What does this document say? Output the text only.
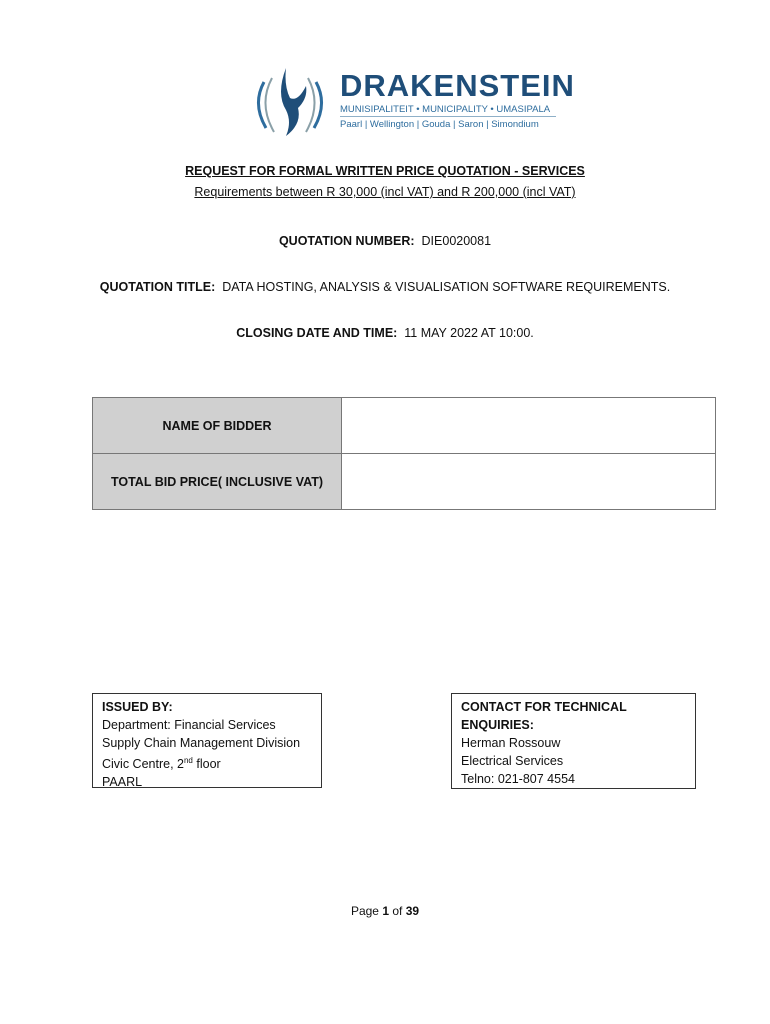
DRAKENSTEIN
MUNISIPALITEIT • MUNICIPALITY • UMASIPALA
Paarl | Wellington | Gouda | Saron | Simondium
REQUEST FOR FORMAL WRITTEN PRICE QUOTATION - SERVICES
Requirements between R 30,000 (incl VAT) and R 200,000 (incl VAT)
QUOTATION NUMBER: DIE0020081
QUOTATION TITLE: DATA HOSTING, ANALYSIS & VISUALISATION SOFTWARE REQUIREMENTS.
CLOSING DATE AND TIME: 11 MAY 2022 AT 10:00.
NAME OF BIDDER	
TOTAL BID PRICE( INCLUSIVE VAT)	
ISSUED BY:
Department: Financial Services
Supply Chain Management Division
Civic Centre, 2nd floor
PAARL
CONTACT FOR TECHNICAL ENQUIRIES:
Herman Rossouw
Electrical Services
Telno: 021-807 4554
Page 1 of 39
